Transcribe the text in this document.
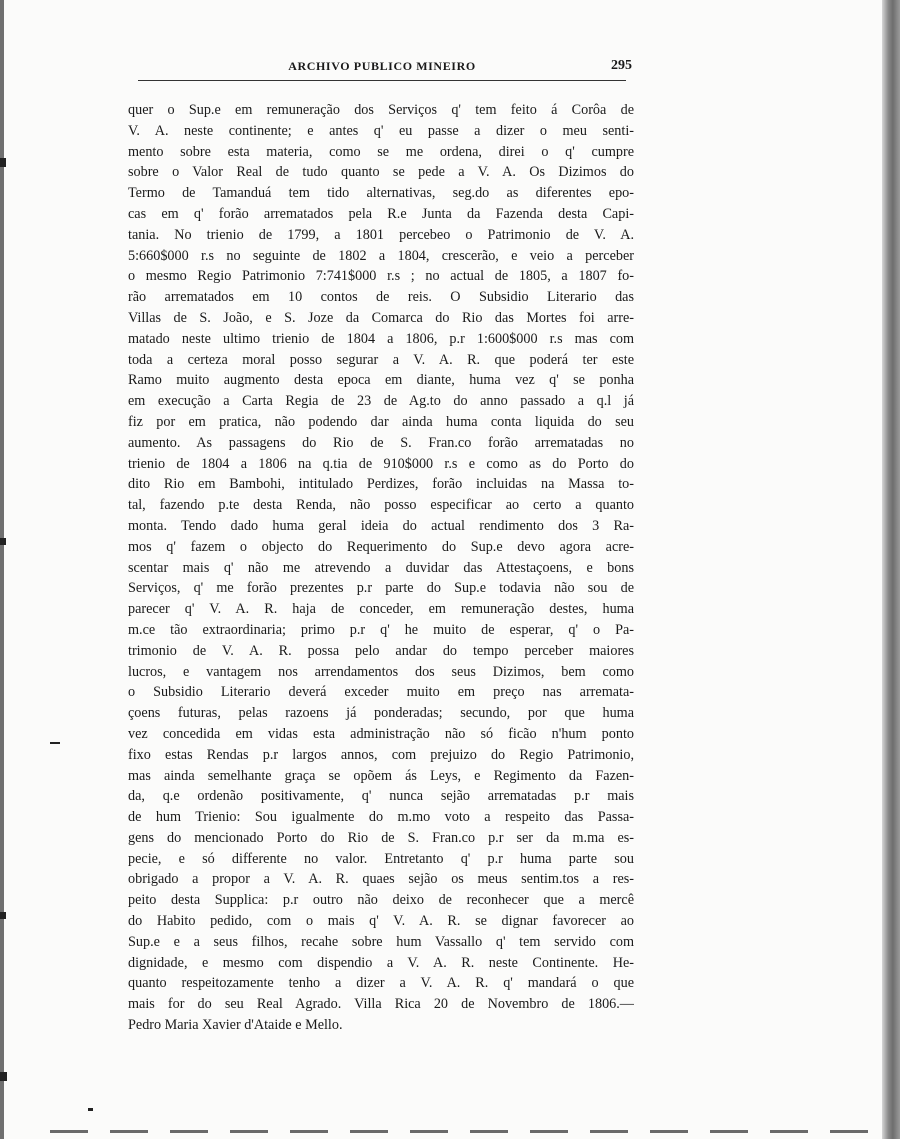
ARCHIVO PUBLICO MINEIRO	295
quer o Sup.e em remuneração dos Serviços q' tem feito á Corôa de
V. A. neste continente; e antes q' eu passe a dizer o meu senti-
mento sobre esta materia, como se me ordena, direi o q' cumpre
sobre o Valor Real de tudo quanto se pede a V. A. Os Dizimos do
Termo de Tamanduá tem tido alternativas, seg.do as diferentes epo-
cas em q' forão arrematados pela R.e Junta da Fazenda desta Capi-
tania. No trienio de 1799, a 1801 percebeo o Patrimonio de V. A.
5:660$000 r.s no seguinte de 1802 a 1804, crescerão, e veio a perceber
o mesmo Regio Patrimonio 7:741$000 r.s ; no actual de 1805, a 1807 fo-
rão arrematados em 10 contos de reis. O Subsidio Literario das
Villas de S. João, e S. Joze da Comarca do Rio das Mortes foi arre-
matado neste ultimo trienio de 1804 a 1806, p.r 1:600$000 r.s mas com
toda a certeza moral posso segurar a V. A. R. que poderá ter este
Ramo muito augmento desta epoca em diante, huma vez q' se ponha
em execução a Carta Regia de 23 de Ag.to do anno passado a q.l já
fiz por em pratica, não podendo dar ainda huma conta liquida do seu
aumento. As passagens do Rio de S. Fran.co forão arrematadas no
trienio de 1804 a 1806 na q.tia de 910$000 r.s e como as do Porto do
dito Rio em Bambohi, intitulado Perdizes, forão incluidas na Massa to-
tal, fazendo p.te desta Renda, não posso especificar ao certo a quanto
monta. Tendo dado huma geral ideia do actual rendimento dos 3 Ra-
mos q' fazem o objecto do Requerimento do Sup.e devo agora acre-
scentar mais q' não me atrevendo a duvidar das Attestaçoens, e bons
Serviços, q' me forão prezentes p.r parte do Sup.e todavia não sou de
parecer q' V. A. R. haja de conceder, em remuneração destes, huma
m.ce tão extraordinaria; primo p.r q' he muito de esperar, q' o Pa-
trimonio de V. A. R. possa pelo andar do tempo perceber maiores
lucros, e vantagem nos arrendamentos dos seus Dizimos, bem como
o Subsidio Literario deverá exceder muito em preço nas arremata-
çoens futuras, pelas razoens já ponderadas; secundo, por que huma
vez concedida em vidas esta administração não só ficão n'hum ponto
fixo estas Rendas p.r largos annos, com prejuizo do Regio Patrimonio,
mas ainda semelhante graça se opõem ás Leys, e Regimento da Fazen-
da, q.e ordenão positivamente, q' nunca sejão arrematadas p.r mais
de hum Trienio: Sou igualmente do m.mo voto a respeito das Passa-
gens do mencionado Porto do Rio de S. Fran.co p.r ser da m.ma es-
pecie, e só differente no valor. Entretanto q' p.r huma parte sou
obrigado a propor a V. A. R. quaes sejão os meus sentim.tos a res-
peito desta Supplica: p.r outro não deixo de reconhecer que a mercê
do Habito pedido, com o mais q' V. A. R. se dignar favorecer ao
Sup.e e a seus filhos, recahe sobre hum Vassallo q' tem servido com
dignidade, e mesmo com dispendio a V. A. R. neste Continente. He-
quanto respeitozamente tenho a dizer a V. A. R. q' mandará o que
mais for do seu Real Agrado. Villa Rica 20 de Novembro de 1806.—
Pedro Maria Xavier d'Ataide e Mello.
